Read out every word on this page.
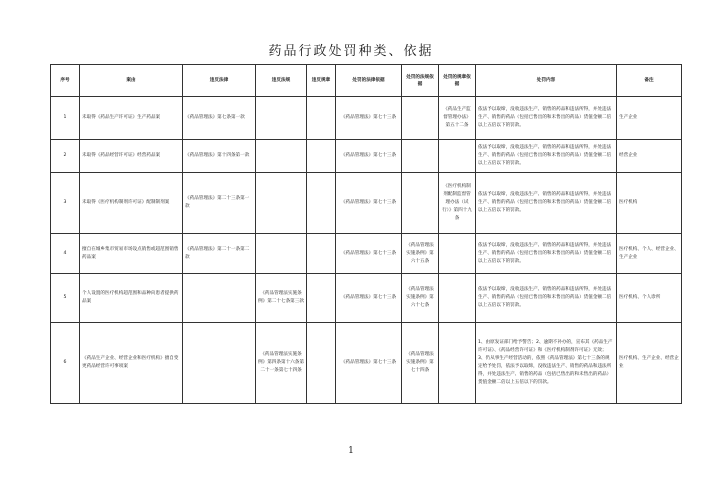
药品行政处罚种类、依据
序号	案由	违反法律	违反法规	违反规章	处罚的法律依据	处罚的法规依据	处罚的规章依据	处罚内容	备注
1	未取得《药品生产许可证》生产药品案	《药品管理法》第七条第一款			《药品管理法》第七十三条		《药品生产监督管理办法》第五十二条	依法予以取缔，没收违法生产、销售的药品和违法所得，并处违法生产、销售的药品（包括已售出的和未售出的药品）货值金额二倍以上五倍以下的罚款。	生产企业
2	未取得《药品经营许可证》经营药品案	《药品管理法》第十四条第一款			《药品管理法》第七十三条			依法予以取缔，没收违法生产、销售的药品和违法所得，并处违法生产、销售的药品（包括已售出的和未售出的药品）货值金额二倍以上五倍以下的罚款。	经营企业
3	未取得《医疗机构制剂许可证》配制制剂案	《药品管理法》第二十三条第一款			《药品管理法》第七十三条		《医疗机构制剂配制监督管理办法（试行）》第四十九条	依法予以取缔，没收违法生产、销售的药品和违法所得，并处违法生产、销售的药品（包括已售出的和未售出的药品）货值金额二倍以上五倍以下的罚款。	医疗机构
4	擅自在城乡集市贸易市场设点销售或超范围销售药品案	《药品管理法》第二十一条第二款			《药品管理法》第七十三条	《药品管理法实施条例》第六十五条		依法予以取缔，没收违法生产、销售的药品和违法所得，并处违法生产、销售的药品（包括已售出的和未售出的药品）货值金额二倍以上五倍以下的罚款。	医疗机构、个人、经营企业、生产企业
5	个人设置的医疗机构超范围和品种向患者提供药品案		《药品管理法实施条例》第二十七条第三款		《药品管理法》第七十三条	《药品管理法实施条例》第六十七条		依法予以取缔，没收违法生产、销售的药品和违法所得，并处违法生产、销售的药品（包括已售出的和未售出的药品）货值金额二倍以上五倍以下的罚款。	医疗机构、个人诊所
6	《药品生产企业、经营企业和医疗机构》擅自变更药品经营许可事项案		《药品管理法实施条例》第四条第十六条第二十一条第七十四条		《药品管理法》第七十三条	《药品管理法实施条例》第七十四条		1、由原发证部门给予警告；2、逾期不补办的，宣布其《药品生产许可证》、《药品经营许可证》和《医疗机构制剂许可证》无效；3、仍从事生产经营活动的，依照《药品管理法》第七十三条的规定给予处罚，依法予以取缔，没收违法生产、销售的药品和违法所得，并处违法生产、销售的药品（包括已售出的和未售出的药品）货值金额二倍以上五倍以下的罚款。	医疗机构、生产企业、经营企业
1
